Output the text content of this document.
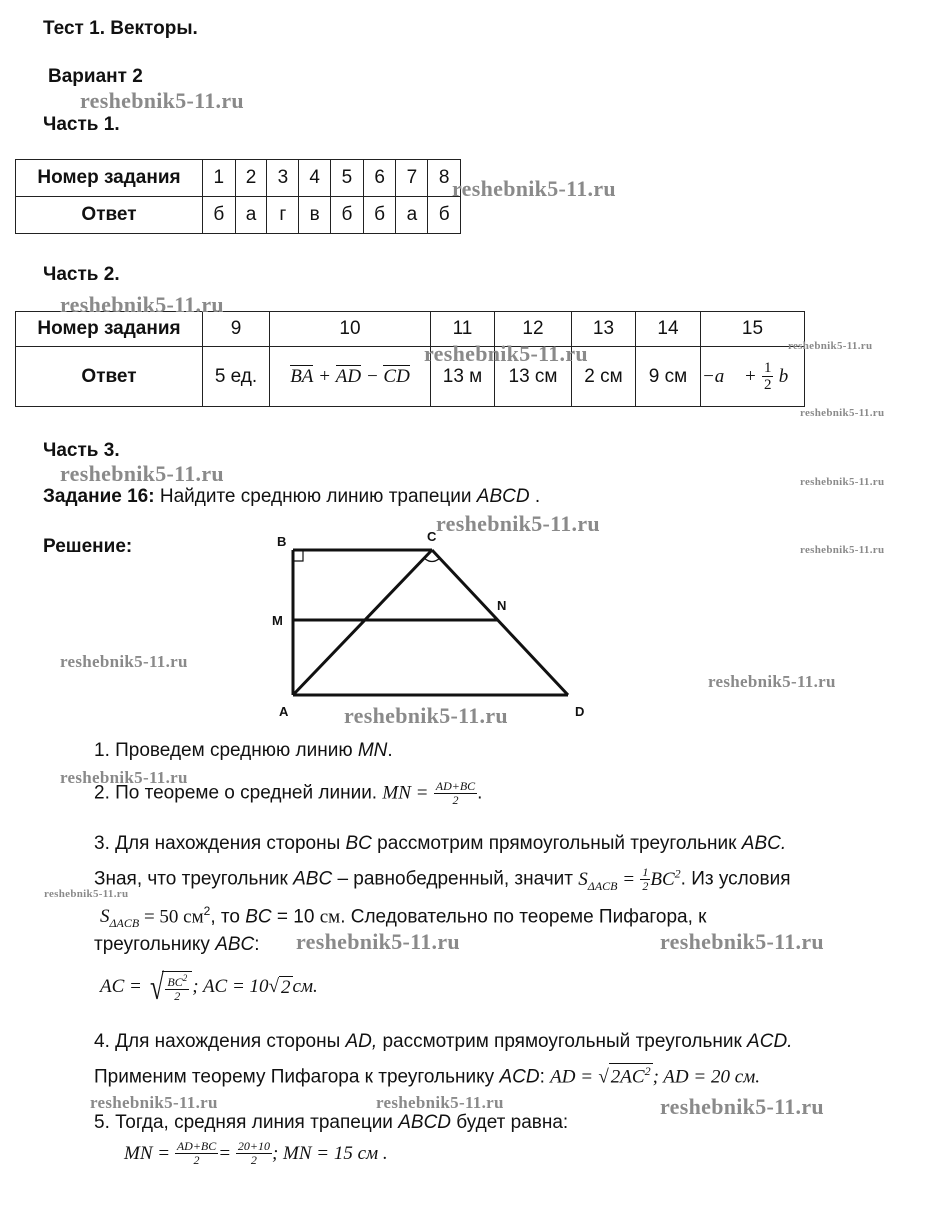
Тест 1. Векторы.
Вариант 2
Часть 1.
Номер задания	1	2	3	4	5	6	7	8
Ответ	б	а	г	в	б	б	а	б
Часть 2.
Номер задания	9	10	11	12	13	14	15
Ответ	5 ед.	BA + AD − CD	13 м	13 см	2 см	9 см	−a⃗ + $\frac{1}{2}$ b⃗
Часть 3.
Задание 16: Найдите среднюю линию трапеции ABCD .
Решение:	B	C
M
N
A	D
1. Проведем среднюю линию MN.
2. По теореме о средней линии. MN = $\frac{AD+BC}{2}$ .
3. Для нахождения стороны BC рассмотрим прямоугольный треугольник ABC.
Зная, что треугольник ABC – равнобедренный, значит $S_{\Delta ACB} = \frac{1}{2} BC^2$. Из условия
$S_{\Delta ACB} = 50$ $см^2$, то BC = 10 см. Следовательно по теореме Пифагора, к
треугольнику ABC:
AC = √
$\frac{BC^2}{2}$ ; AC = 10√ 2см.
4. Для нахождения стороны AD, рассмотрим прямоугольный треугольник ACD.
Применим теорему Пифагора к треугольнику ACD: AD = √ $2AC^2$ ; AD = 20 см.
5. Тогда, средняя линия трапеции ABCD будет равна:
MN = $\frac{AD+BC}{2} = \frac{20+10}{2}$ ; MN = 15 см .
reshebnik5-11.ru
reshebnik5-11.ru
reshebnik5-11.ru
reshebnik5-11.ru	reshebnik5-11.ru
reshebnik5-11.ru
reshebnik5-11.ru	reshebnik5-11.ru
reshebnik5-11.ru
reshebnik5-11.ru
reshebnik5-11.ru
reshebnik5-11.ru
reshebnik5-11.ru
reshebnik5-11.ru
reshebnik5-11.ru
reshebnik5-11.ru	reshebnik5-11.ru
reshebnik5-11.ru	reshebnik5-11.ru	reshebnik5-11.ru
